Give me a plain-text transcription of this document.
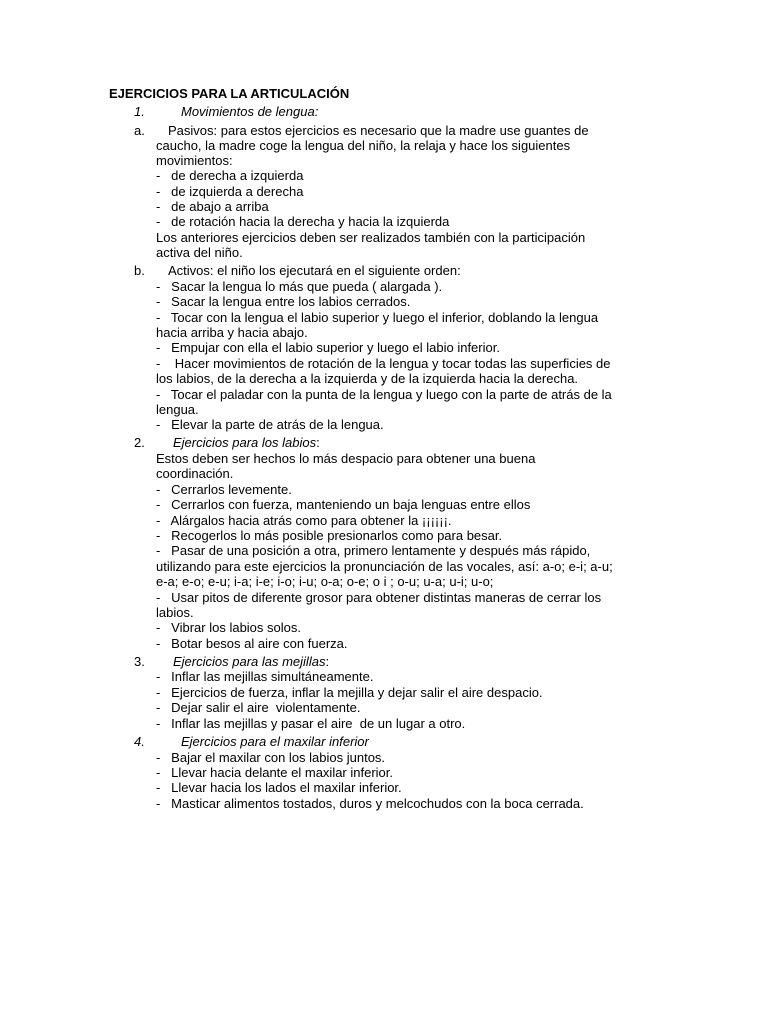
EJERCICIOS PARA LA ARTICULACIÓN
1.	Movimientos de lengua:
a. Pasivos: para estos ejercicios es necesario que la madre use guantes de
caucho, la madre coge la lengua del niño, la relaja y hace los siguientes
movimientos:
-   de derecha a izquierda
-   de izquierda a derecha
-   de abajo a arriba
-   de rotación hacia la derecha y hacia la izquierda
Los anteriores ejercicios deben ser realizados también con la participación
activa del niño.
b. Activos: el niño los ejecutará en el siguiente orden:
-   Sacar la lengua lo más que pueda ( alargada ).
-   Sacar la lengua entre los labios cerrados.
-   Tocar con la lengua el labio superior y luego el inferior, doblando la lengua
hacia arriba y hacia abajo.
-   Empujar con ella el labio superior y luego el labio inferior.
-    Hacer movimientos de rotación de la lengua y tocar todas las superficies de
los labios, de la derecha a la izquierda y de la izquierda hacia la derecha.
-   Tocar el paladar con la punta de la lengua y luego con la parte de atrás de la
lengua.
-   Elevar la parte de atrás de la lengua.
2. Ejercicios para los labios:
Estos deben ser hechos lo más despacio para obtener una buena
coordinación.
-   Cerrarlos levemente.
-   Cerrarlos con fuerza, manteniendo un baja lenguas entre ellos
-   Alárgalos hacia atrás como para obtener la ¡¡¡¡¡¡.
-   Recogerlos lo más posible presionarlos como para besar.
-   Pasar de una posición a otra, primero lentamente y después más rápido,
utilizando para este ejercicios la pronunciación de las vocales, así: a-o; e-i; a-u;
e-a; e-o; e-u; i-a; i-e; i-o; i-u; o-a; o-e; o i ; o-u; u-a; u-i; u-o;
-   Usar pitos de diferente grosor para obtener distintas maneras de cerrar los
labios.
-   Vibrar los labios solos.
-   Botar besos al aire con fuerza.
3. Ejercicios para las mejillas:
-   Inflar las mejillas simultáneamente.
-   Ejercicios de fuerza, inflar la mejilla y dejar salir el aire despacio.
-   Dejar salir el aire  violentamente.
-   Inflar las mejillas y pasar el aire  de un lugar a otro.
4.	Ejercicios para el maxilar inferior
-   Bajar el maxilar con los labios juntos.
-   Llevar hacia delante el maxilar inferior.
-   Llevar hacia los lados el maxilar inferior.
-   Masticar alimentos tostados, duros y melcochudos con la boca cerrada.
